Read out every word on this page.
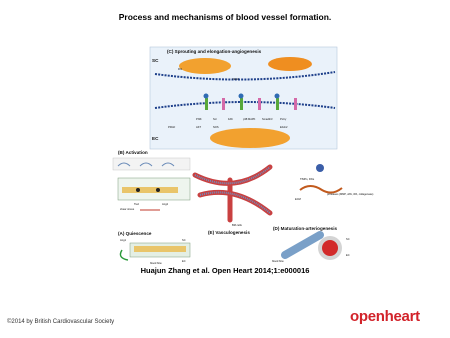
Process and mechanisms of blood vessel formation.
(C) Sprouting and elongation-angiogenesis
SC
EC
Flt1
VEGF
PI3K	Src	FAK	p38 MAPK	Smad2/3	PLCγ
PDGF	AKT	NOS	Erk1/2
(B) Activation
Tie2	Ang2
shear stress
(A) Quiescence
Ang1	SC
EC
blood flow
BM cells
(E) Vasculogenesis
TIMPs, PAIs
ECM
proteases (MMP, uPA, tPA, collagenase)
(D) Maturation-arteriogenesis
SC
EC
blood flow
Huajun Zhang et al. Open Heart 2014;1:e000016
©2014 by British Cardiovascular Society	openheart
